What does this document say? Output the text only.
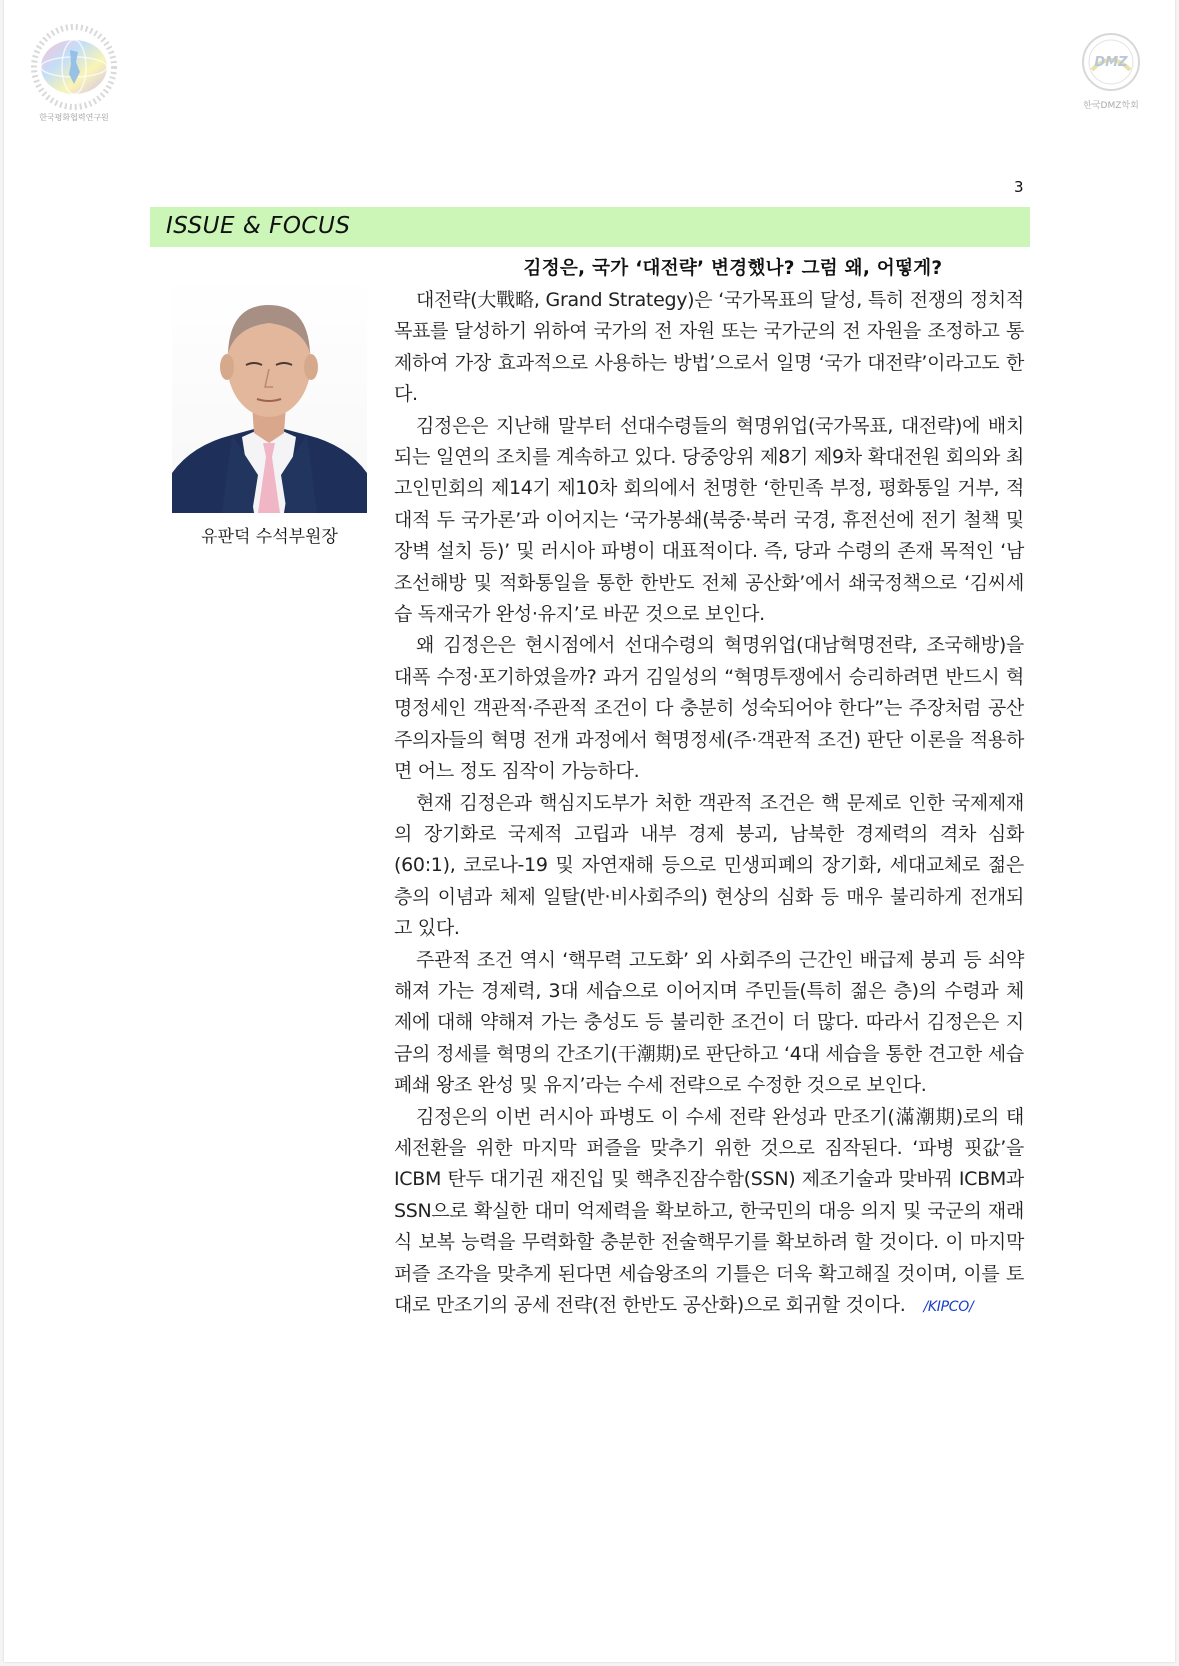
한국평화협력연구원
DMZ
한국DMZ학회
3
ISSUE & FOCUS
유판덕 수석부원장
김정은, 국가 ‘대전략’ 변경했나? 그럼 왜, 어떻게?

대전략(大戰略, Grand Strategy)은 ‘국가목표의 달성, 특히 전쟁의 정치적 목표를 달성하기 위하여 국가의 전 자원 또는 국가군의 전 자원을 조정하고 통제하여 가장 효과적으로 사용하는 방법’으로서 일명 ‘국가 대전략’이라고도 한다.

김정은은 지난해 말부터 선대수령들의 혁명위업(국가목표, 대전략)에 배치되는 일연의 조치를 계속하고 있다. 당중앙위 제8기 제9차 확대전원 회의와 최고인민회의 제14기 제10차 회의에서 천명한 ‘한민족 부정, 평화통일 거부, 적대적 두 국가론’과 이어지는 ‘국가봉쇄(북중·북러 국경, 휴전선에 전기 철책 및 장벽 설치 등)’ 및 러시아 파병이 대표적이다. 즉, 당과 수령의 존재 목적인 ‘남조선해방 및 적화통일을 통한 한반도 전체 공산화’에서 쇄국정책으로 ‘김씨세습 독재국가 완성·유지’로 바꾼 것으로 보인다.

왜 김정은은 현시점에서 선대수령의 혁명위업(대남혁명전략, 조국해방)을 대폭 수정·포기하였을까? 과거 김일성의 “혁명투쟁에서 승리하려면 반드시 혁명정세인 객관적·주관적 조건이 다 충분히 성숙되어야 한다”는 주장처럼 공산주의자들의 혁명 전개 과정에서 혁명정세(주·객관적 조건) 판단 이론을 적용하면 어느 정도 짐작이 가능하다.

현재 김정은과 핵심지도부가 처한 객관적 조건은 핵 문제로 인한 국제제재의 장기화로 국제적 고립과 내부 경제 붕괴, 남북한 경제력의 격차 심화(60:1), 코로나-19 및 자연재해 등으로 민생피폐의 장기화, 세대교체로 젊은 층의 이념과 체제 일탈(반·비사회주의) 현상의 심화 등 매우 불리하게 전개되고 있다.

주관적 조건 역시 ‘핵무력 고도화’ 외 사회주의 근간인 배급제 붕괴 등 쇠약해져 가는 경제력, 3대 세습으로 이어지며 주민들(특히 젊은 층)의 수령과 체제에 대해 약해져 가는 충성도 등 불리한 조건이 더 많다. 따라서 김정은은 지금의 정세를 혁명의 간조기(干潮期)로 판단하고 ‘4대 세습을 통한 견고한 세습폐쇄 왕조 완성 및 유지’라는 수세 전략으로 수정한 것으로 보인다.

김정은의 이번 러시아 파병도 이 수세 전략 완성과 만조기(滿潮期)로의 태세전환을 위한 마지막 퍼즐을 맞추기 위한 것으로 짐작된다. ‘파병 핏값’을 ICBM 탄두 대기권 재진입 및 핵추진잠수함(SSN) 제조기술과 맞바꿔 ICBM과 SSN으로 확실한 대미 억제력을 확보하고, 한국민의 대응 의지 및 국군의 재래식 보복 능력을 무력화할 충분한 전술핵무기를 확보하려 할 것이다. 이 마지막 퍼즐 조각을 맞추게 된다면 세습왕조의 기틀은 더욱 확고해질 것이며, 이를 토대로 만조기의 공세 전략(전 한반도 공산화)으로 회귀할 것이다. /KIPCO/
